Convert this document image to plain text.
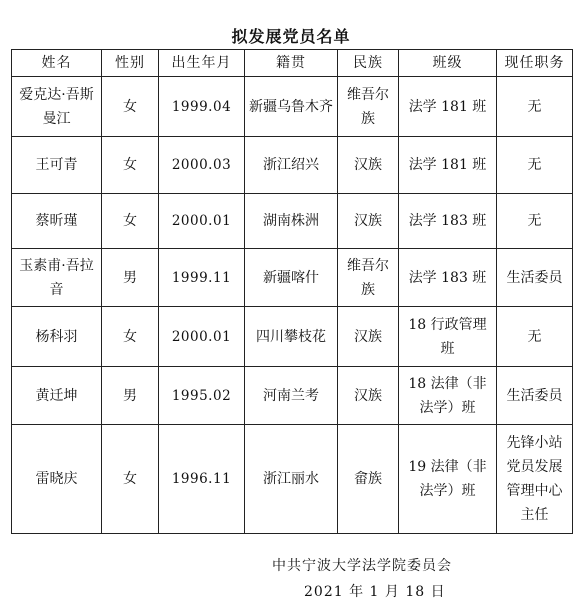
拟发展党员名单
姓名	性别	出生年月	籍贯	民族	班级	现任职务
爱克达·吾斯曼江	女	1999.04	新疆乌鲁木齐	维吾尔族	法学 181 班	无
王可青	女	2000.03	浙江绍兴	汉族	法学 181 班	无
蔡昕瑾	女	2000.01	湖南株洲	汉族	法学 183 班	无
玉素甫·吾拉音	男	1999.11	新疆喀什	维吾尔族	法学 183 班	生活委员
杨科羽	女	2000.01	四川攀枝花	汉族	18 行政管理班	无
黄迁坤	男	1995.02	河南兰考	汉族	18 法律（非法学）班	生活委员
雷晓庆	女	1996.11	浙江丽水	畲族	19 法律（非法学）班	先锋小站党员发展管理中心主任
中共宁波大学法学院委员会
2021 年 1 月 18 日
